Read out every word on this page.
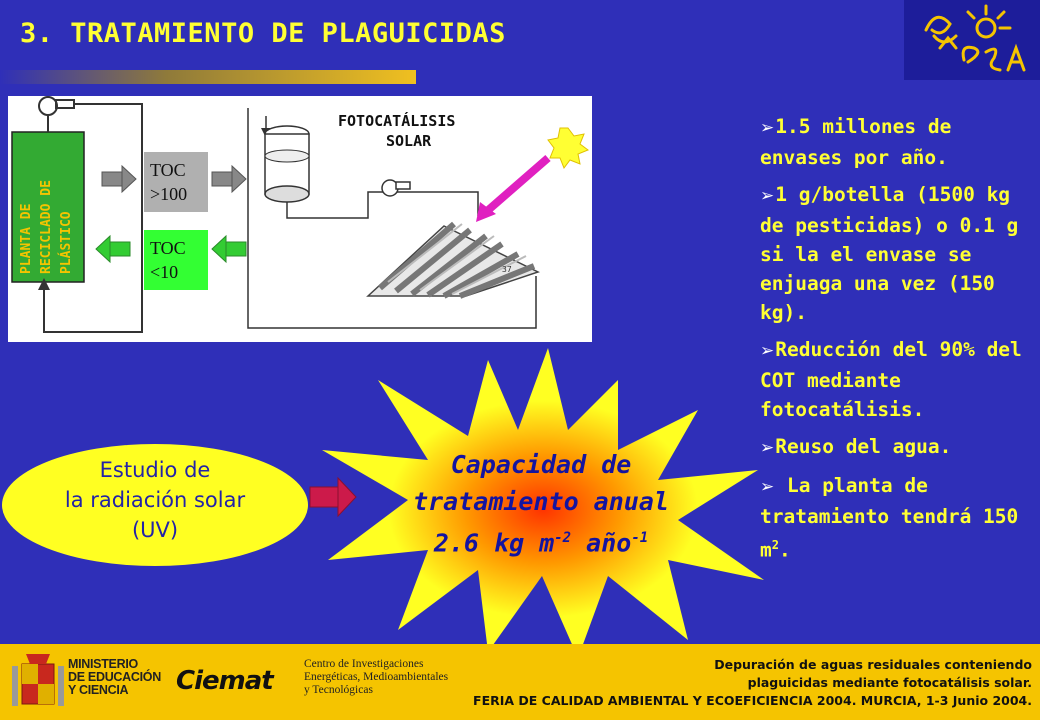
3. TRATAMIENTO DE PLAGUICIDAS
PLANTA DE RECICLADO DE PLÁSTICO
TOC
>100
TOC
<10	37
FOTOCATÁLISIS
SOLAR
➢1.5 millones de envases por año.
➢1 g/botella (1500 kg de pesticidas) o 0.1 g si la el envase se enjuaga una vez (150 kg).
➢Reducción del 90% del COT mediante fotocatálisis.
➢Reuso del agua.
➢ La planta de tratamiento tendrá 150 $m^2$.
Estudio de
la radiación solar
(UV)
Capacidad de
tratamiento anual
2.6 kg $m^{-2}$ año$^{-1}$
MINISTERIO
DE EDUCACIÓN
Y CIENCIA	Ciemat
Centro de Investigaciones
Energéticas, Medioambientales
y Tecnológicas
Depuración de aguas residuales conteniendo
plaguicidas mediante fotocatálisis solar.
FERIA DE CALIDAD AMBIENTAL Y ECOEFICIENCIA 2004. MURCIA, 1-3 Junio 2004.
